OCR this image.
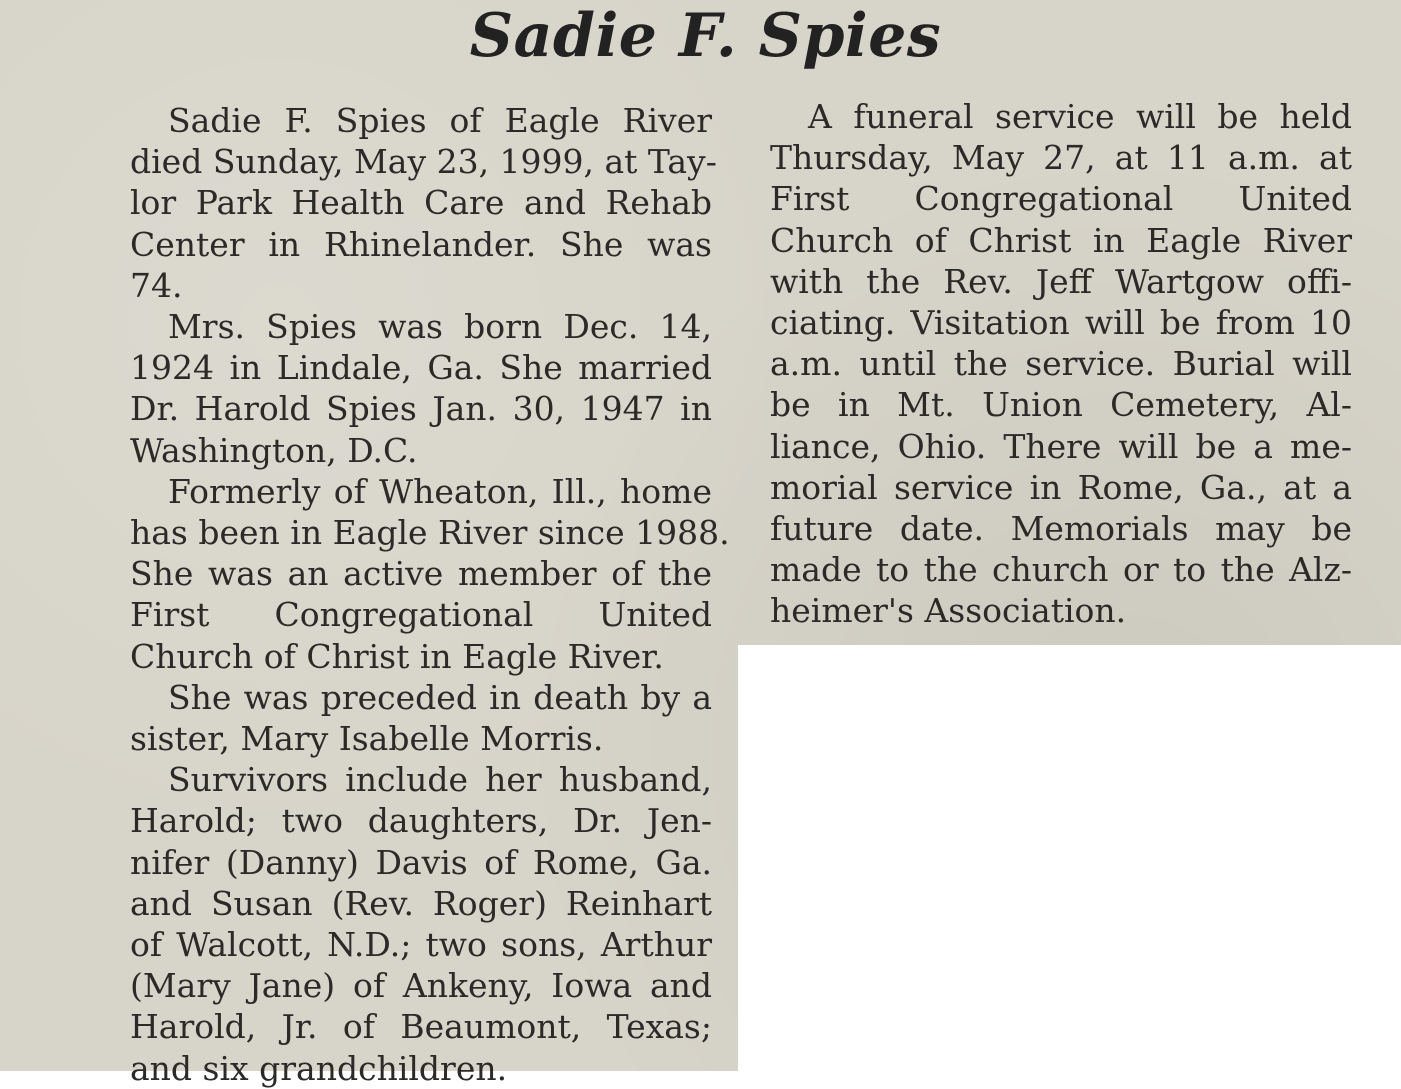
Sadie F. Spies

Sadie F. Spies of Eagle River
died Sunday, May 23, 1999, at Tay-
lor Park Health Care and Rehab
Center in Rhinelander. She was
74.

Mrs. Spies was born Dec. 14,
1924 in Lindale, Ga. She married
Dr. Harold Spies Jan. 30, 1947 in
Washington, D.C.

Formerly of Wheaton, Ill., home
has been in Eagle River since 1988.
She was an active member of the
First Congregational United
Church of Christ in Eagle River.

She was preceded in death by a
sister, Mary Isabelle Morris.

Survivors include her husband,
Harold; two daughters, Dr. Jen-
nifer (Danny) Davis of Rome, Ga.
and Susan (Rev. Roger) Reinhart
of Walcott, N.D.; two sons, Arthur
(Mary Jane) of Ankeny, Iowa and
Harold, Jr. of Beaumont, Texas;
and six grandchildren.

A funeral service will be held
Thursday, May 27, at 11 a.m. at
First Congregational United
Church of Christ in Eagle River
with the Rev. Jeff Wartgow offi-
ciating. Visitation will be from 10
a.m. until the service. Burial will
be in Mt. Union Cemetery, Al-
liance, Ohio. There will be a me-
morial service in Rome, Ga., at a
future date. Memorials may be
made to the church or to the Alz-
heimer's Association.
